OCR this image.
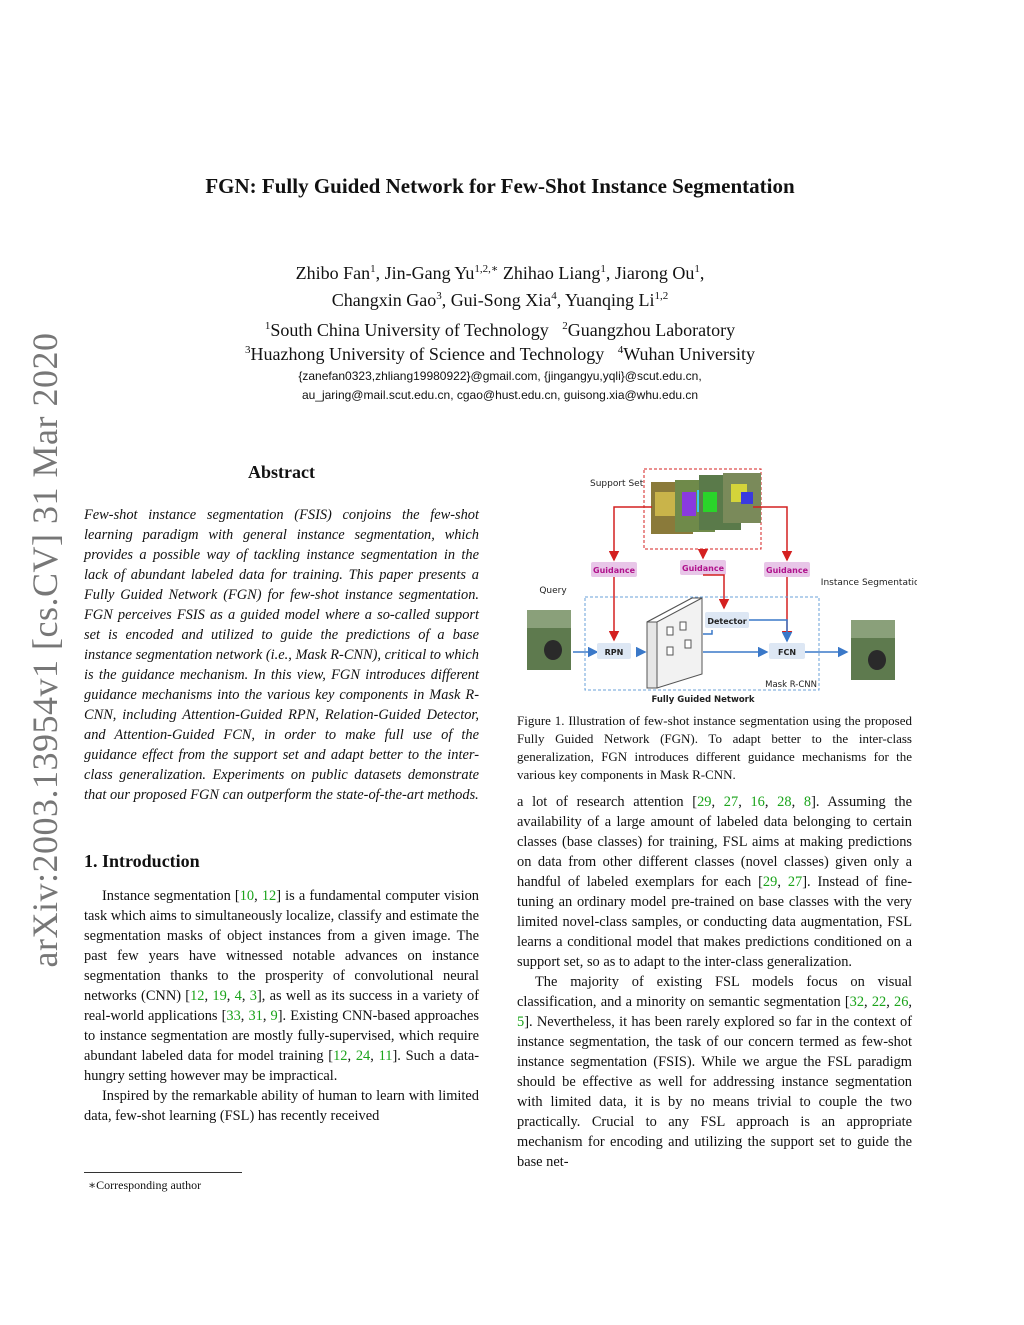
arXiv:2003.13954v1 [cs.CV] 31 Mar 2020
FGN: Fully Guided Network for Few-Shot Instance Segmentation
Zhibo Fan$^1$, Jin-Gang $Yu^{1,2,∗}$ Zhihao Liang$^1$, Jiarong Ou$^1$,
Changxin Gao$^3$, Gui-Song Xia$^4$, Yuanqing Li$^{1,2}$
$^1$South China University of Technology $^2$Guangzhou Laboratory
$^3$Huazhong University of Science and Technology $^4$Wuhan University
{zanefan0323,zhliang19980922}@gmail.com, {jingangyu,yqli}@scut.edu.cn,
au_jaring@mail.scut.edu.cn, cgao@hust.edu.cn, guisong.xia@whu.edu.cn
Abstract
Few-shot instance segmentation (FSIS) conjoins the few-shot learning paradigm with general instance segmentation, which provides a possible way of tackling instance segmentation in the lack of abundant labeled data for training. This paper presents a Fully Guided Network (FGN) for few-shot instance segmentation. FGN perceives FSIS as a guided model where a so-called support set is encoded and utilized to guide the predictions of a base instance segmentation network (i.e., Mask R-CNN), critical to which is the guidance mechanism. In this view, FGN introduces different guidance mechanisms into the various key components in Mask R-CNN, including Attention-Guided RPN, Relation-Guided Detector, and Attention-Guided FCN, in order to make full use of the guidance effect from the support set and adapt better to the inter-class generalization. Experiments on public datasets demonstrate that our proposed FGN can outperform the state-of-the-art methods.
1. Introduction

Instance segmentation [10, 12] is a fundamental computer vision task which aims to simultaneously localize, classify and estimate the segmentation masks of object instances from a given image. The past few years have witnessed notable advances on instance segmentation thanks to the prosperity of convolutional neural networks (CNN) [12, 19, 4, 3], as well as its success in a variety of real-world applications [33, 31, 9]. Existing CNN-based approaches to instance segmentation are mostly fully-supervised, which require abundant labeled data for model training [12, 24, 11]. Such a data-hungry setting however may be impractical.

Inspired by the remarkable ability of human to learn with limited data, few-shot learning (FSL) has recently received

∗Corresponding author
Support Set
Guidance	Guidance	Guidance
Mask R-CNN
Query
RPN
Detector
FCN
Instance Segmentation
Fully Guided Network
Figure 1. Illustration of few-shot instance segmentation using the proposed Fully Guided Network (FGN). To adapt better to the inter-class generalization, FGN introduces different guidance mechanisms for the various key components in Mask R-CNN.

a lot of research attention [29, 27, 16, 28, 8]. Assuming the availability of a large amount of labeled data belonging to certain classes (base classes) for training, FSL aims at making predictions on data from other different classes (novel classes) given only a handful of labeled exemplars for each [29, 27]. Instead of fine-tuning an ordinary model pre-trained on base classes with the very limited novel-class samples, or conducting data augmentation, FSL learns a conditional model that makes predictions conditioned on a support set, so as to adapt to the inter-class generalization.

The majority of existing FSL models focus on visual classification, and a minority on semantic segmentation [32, 22, 26, 5]. Nevertheless, it has been rarely explored so far in the context of instance segmentation, the task of our concern termed as few-shot instance segmentation (FSIS). While we argue the FSL paradigm should be effective as well for addressing instance segmentation with limited data, it is by no means trivial to couple the two practically. Crucial to any FSL approach is an appropriate mechanism for encoding and utilizing the support set to guide the base net-
